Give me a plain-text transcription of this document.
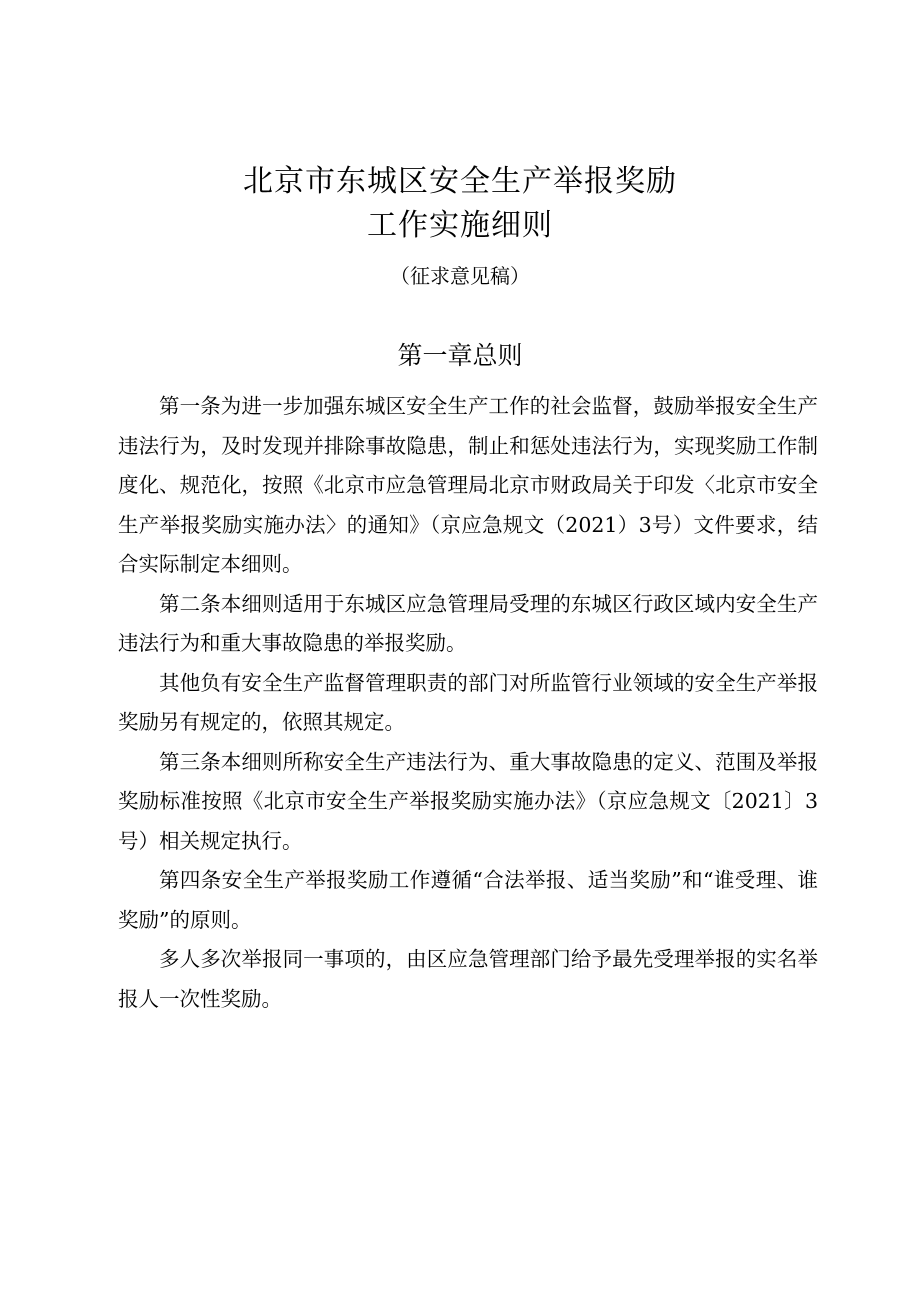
北京市东城区安全生产举报奖励
工作实施细则
（征求意见稿）
第一章总则

第一条为进一步加强东城区安全生产工作的社会监督，鼓励举报安全生产违法行为，及时发现并排除事故隐患，制止和惩处违法行为，实现奖励工作制度化、规范化，按照《北京市应急管理局北京市财政局关于印发〈北京市安全生产举报奖励实施办法〉的通知》（京应急规文（2021）3号）文件要求，结合实际制定本细则。

第二条本细则适用于东城区应急管理局受理的东城区行政区域内安全生产违法行为和重大事故隐患的举报奖励。

其他负有安全生产监督管理职责的部门对所监管行业领域的安全生产举报奖励另有规定的，依照其规定。

第三条本细则所称安全生产违法行为、重大事故隐患的定义、范围及举报奖励标准按照《北京市安全生产举报奖励实施办法》（京应急规文〔2021〕3号）相关规定执行。

第四条安全生产举报奖励工作遵循“合法举报、适当奖励”和“谁受理、谁奖励”的原则。

多人多次举报同一事项的，由区应急管理部门给予最先受理举报的实名举报人一次性奖励。
